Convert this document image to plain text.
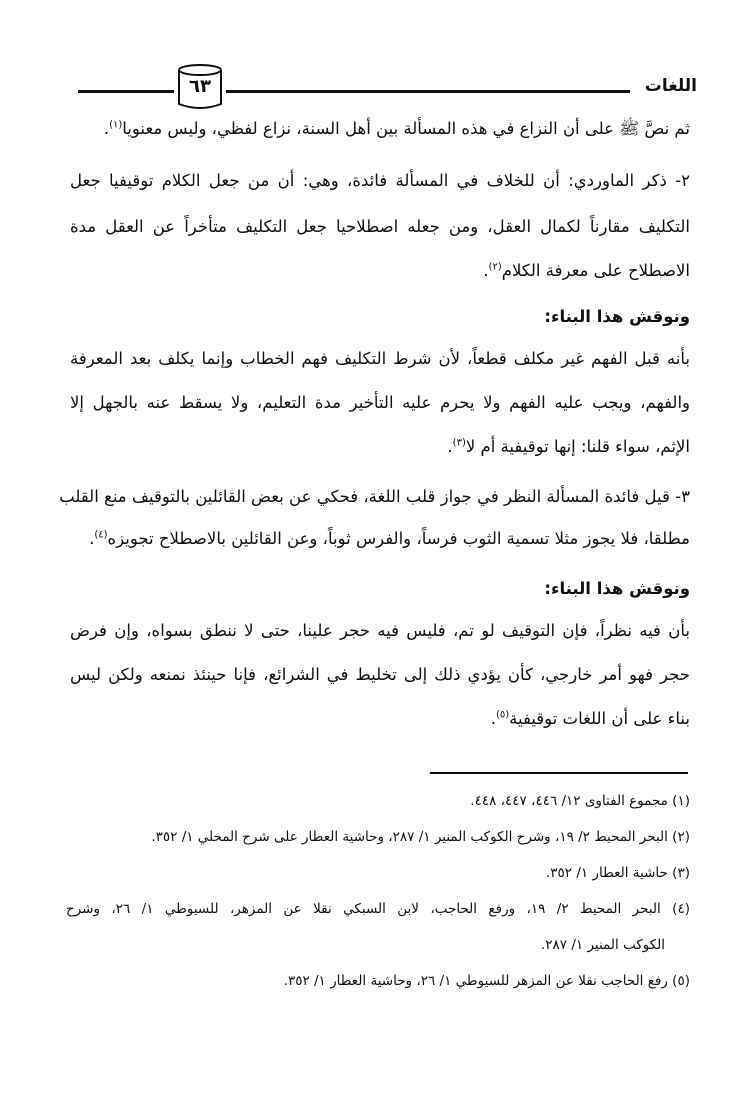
اللغات
٦٣
ثم نصَّ ﷺ على أن النزاع في هذه المسألة بين أهل السنة، نزاع لفظي، وليس معنويا$^{(١)}$.
٢- ذكر الماوردي: أن للخلاف في المسألة فائدة، وهي: أن من جعل الكلام توقيفيا جعل
التكليف مقارناً لكمال العقل، ومن جعله اصطلاحيا جعل التكليف متأخراً عن العقل مدة
الاصطلاح على معرفة الكلام$^{(٢)}$.
ونوقش هذا البناء:
بأنه قبل الفهم غير مكلف قطعاً، لأن شرط التكليف فهم الخطاب وإنما يكلف بعد المعرفة
والفهم، ويجب عليه الفهم ولا يحرم عليه التأخير مدة التعليم، ولا يسقط عنه بالجهل إلا
الإثم، سواء قلنا: إنها توقيفية أم لا$^{(٣)}$.
٣- قيل فائدة المسألة النظر في جواز قلب اللغة، فحكي عن بعض القائلين بالتوقيف منع القلب
مطلقا، فلا يجوز مثلا تسمية الثوب فرساً، والفرس ثوباً، وعن القائلين بالاصطلاح تجويزه$^{(٤)}$.
ونوقش هذا البناء:
بأن فيه نظراً، فإن التوقيف لو تم، فليس فيه حجر علينا، حتى لا ننطق بسواه، وإن فرض
حجر فهو أمر خارجي، كأن يؤدي ذلك إلى تخليط في الشرائع، فإنا حينئذ نمنعه ولكن ليس
بناء على أن اللغات توقيفية$^{(٥)}$.
(١) مجموع الفتاوى ١٢/ ٤٤٦، ٤٤٧، ٤٤٨.
(٢) البحر المحيط ٢/ ١٩، وشرح الكوكب المنير ١/ ٢٨٧، وحاشية العطار على شرح المحلي ١/ ٣٥٢.
(٣) حاشية العطار ١/ ٣٥٢.
(٤) البحر المحيط ٢/ ١٩، ورفع الحاجب، لابن السبكي نقلا عن المزهر، للسيوطي ١/ ٢٦، وشرح
الكوكب المنير ١/ ٢٨٧.
(٥) رفع الحاجب نقلا عن المزهر للسيوطي ١/ ٢٦، وحاشية العطار ١/ ٣٥٢.
